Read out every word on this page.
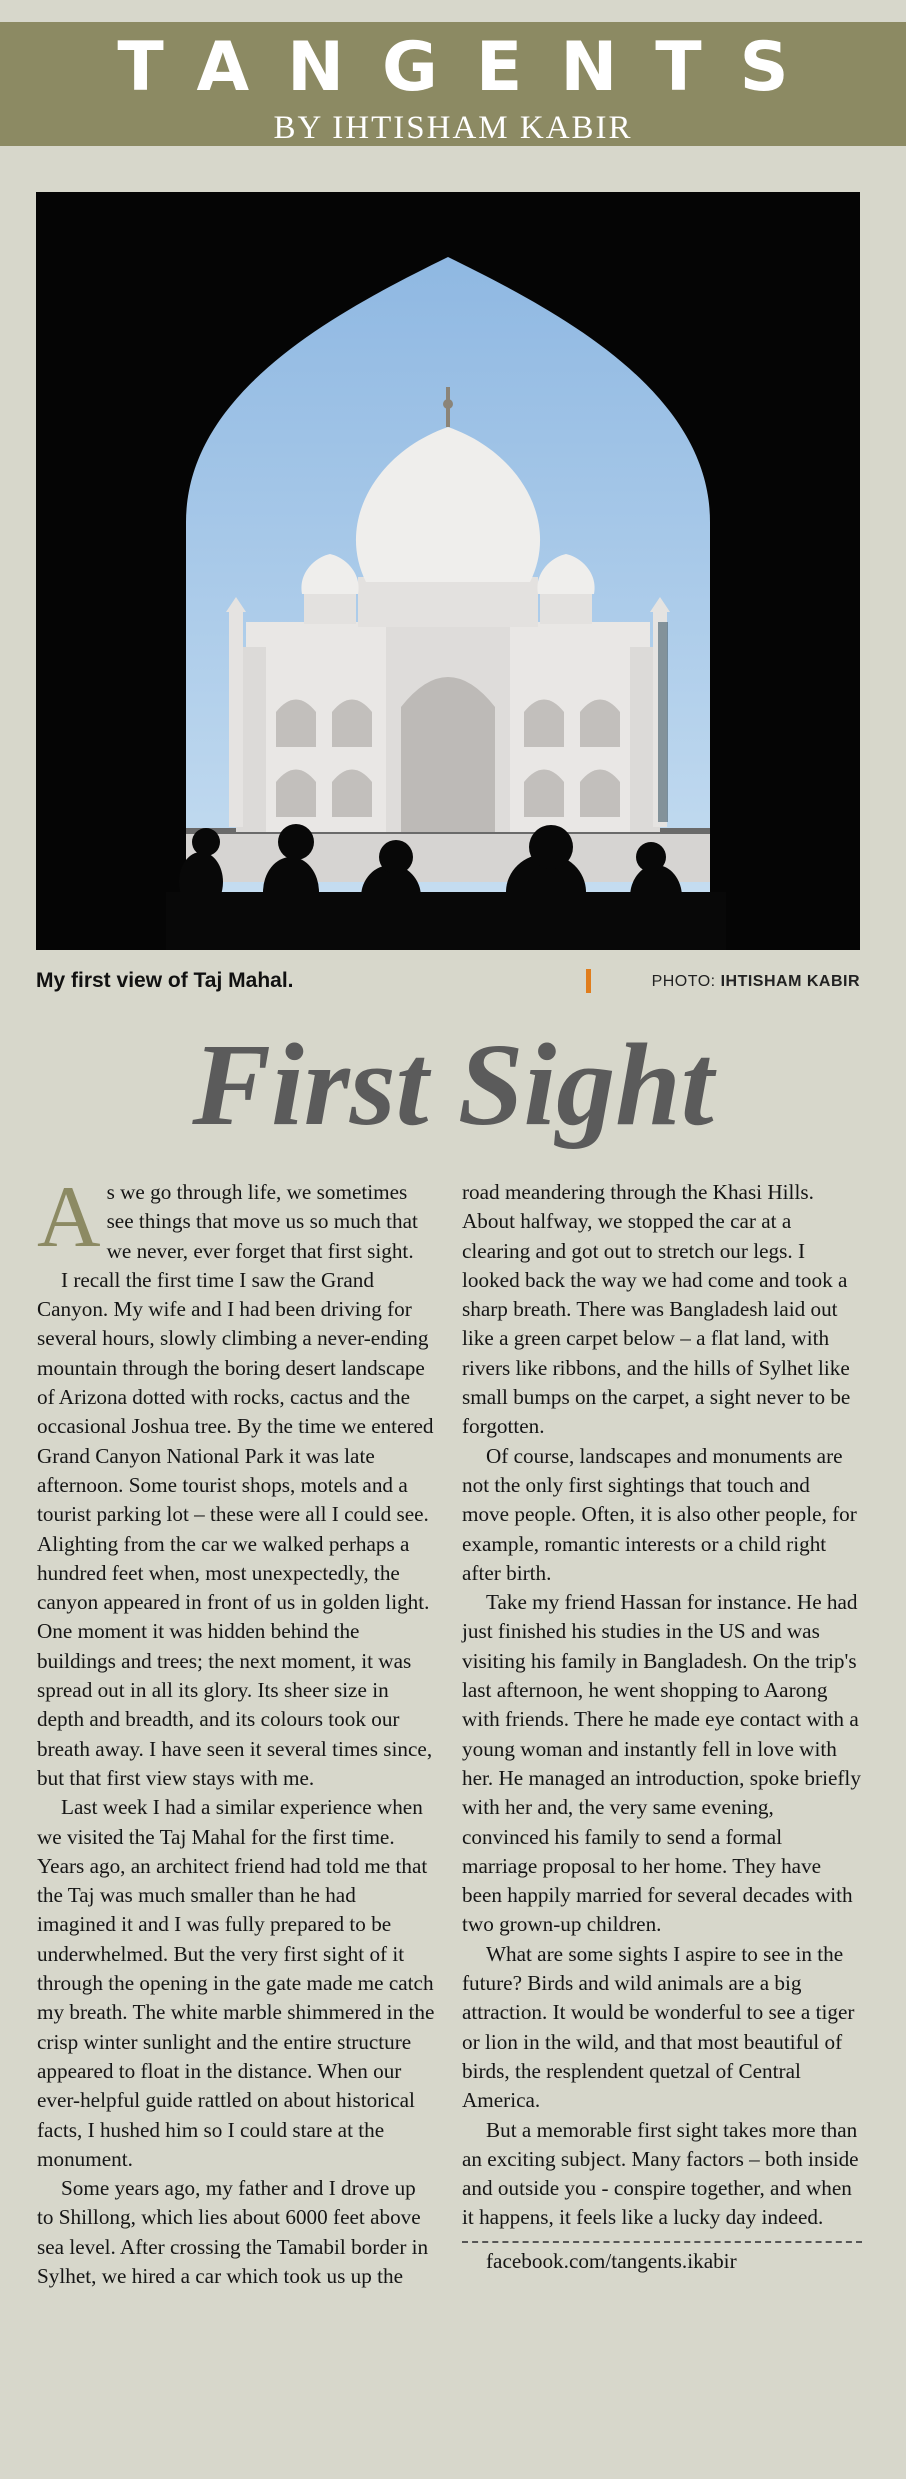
TANGENTS
BY IHTISHAM KABIR
My first view of Taj Mahal.	PHOTO: IHTISHAM KABIR
First Sight

As we go through life, we sometimes see things that move us so much that we never, ever forget that first sight.

I recall the first time I saw the Grand Canyon. My wife and I had been driving for several hours, slowly climbing a never-ending mountain through the boring desert landscape of Arizona dotted with rocks, cactus and the occasional Joshua tree. By the time we entered Grand Canyon National Park it was late afternoon. Some tourist shops, motels and a tourist parking lot – these were all I could see. Alighting from the car we walked perhaps a hundred feet when, most unexpectedly, the canyon appeared in front of us in golden light. One moment it was hidden behind the buildings and trees; the next moment, it was spread out in all its glory. Its sheer size in depth and breadth, and its colours took our breath away. I have seen it several times since, but that first view stays with me.

Last week I had a similar experience when we visited the Taj Mahal for the first time. Years ago, an architect friend had told me that the Taj was much smaller than he had imagined it and I was fully prepared to be underwhelmed. But the very first sight of it through the opening in the gate made me catch my breath. The white marble shimmered in the crisp winter sunlight and the entire structure appeared to float in the distance. When our ever-helpful guide rattled on about historical facts, I hushed him so I could stare at the monument.

Some years ago, my father and I drove up to Shillong, which lies about 6000 feet above sea level. After crossing the Tamabil border in Sylhet, we hired a car which took us up the

road meandering through the Khasi Hills. About halfway, we stopped the car at a clearing and got out to stretch our legs. I looked back the way we had come and took a sharp breath. There was Bangladesh laid out like a green carpet below – a flat land, with rivers like ribbons, and the hills of Sylhet like small bumps on the carpet, a sight never to be forgotten.

Of course, landscapes and monuments are not the only first sightings that touch and move people. Often, it is also other people, for example, romantic interests or a child right after birth.

Take my friend Hassan for instance. He had just finished his studies in the US and was visiting his family in Bangladesh. On the trip's last afternoon, he went shopping to Aarong with friends. There he made eye contact with a young woman and instantly fell in love with her. He managed an introduction, spoke briefly with her and, the very same evening, convinced his family to send a formal marriage proposal to her home. They have been happily married for several decades with two grown-up children.

What are some sights I aspire to see in the future? Birds and wild animals are a big attraction. It would be wonderful to see a tiger or lion in the wild, and that most beautiful of birds, the resplendent quetzal of Central America.

But a memorable first sight takes more than an exciting subject. Many factors – both inside and outside you - conspire together, and when it happens, it feels like a lucky day indeed.

facebook.com/tangents.ikabir
